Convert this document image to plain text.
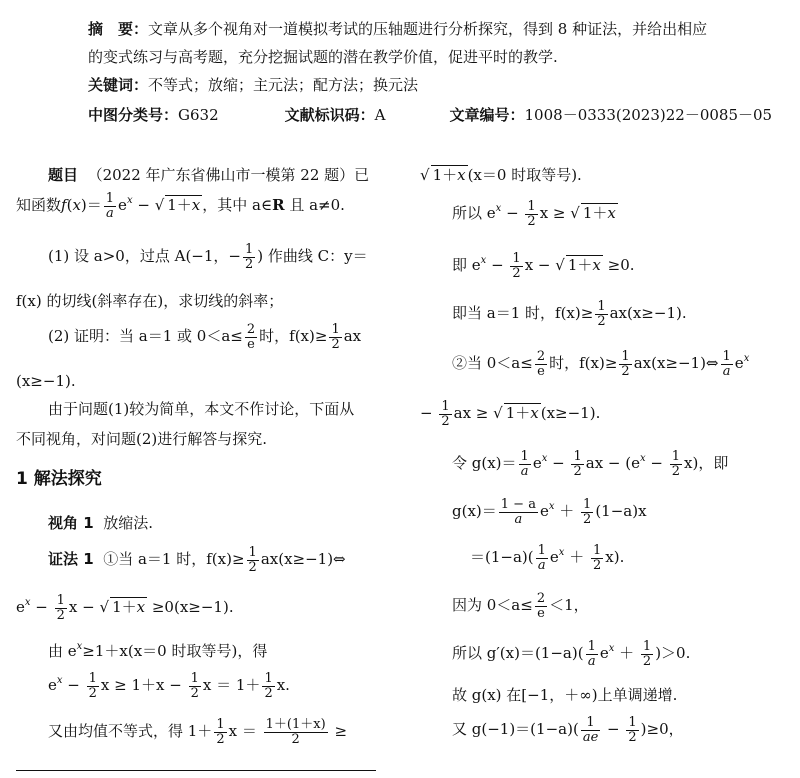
摘　要：文章从多个视角对一道模拟考试的压轴题进行分析探究，得到 8 种证法，并给出相应
的变式练习与高考题，充分挖掘试题的潜在教学价值，促进平时的教学.
关键词：不等式；放缩；主元法；配方法；换元法
中图分类号：G632	文献标识码：A	文章编号：1008－0333(2023)22－0085－05
题目 （2022 年广东省佛山市一模第 22 题）已
知函数$f(x)= \frac{1}{a} e^x$ − √ 1＋x ，其中 a∈R 且 a≠0.
(1) 设 a>0，过点 A(−1，− $\frac{1}{2}$ ) 作曲线 C：y＝
f(x) 的切线(斜率存在)，求切线的斜率；
(2) 证明：当 a＝1 或 $0<a\le \frac{2}{e}$ 时，$f(x)\ge \frac{1}{2}$ ax
(x≥−1).
由于问题(1)较为简单，本文不作讨论，下面从
不同视角，对问题(2)进行解答与探究.
1 解法探究
视角 1 放缩法.
证法 1 ①当 a＝1 时，$f(x)\ge \frac{1}{2}$ ax(x≥−1)⇔
$e^x - \frac{1}{2}$ x − √ 1＋x ≥0(x≥−1).
由 $e^x\ge 1+x(x=0$ 时取等号)，得
$e^x - \frac{1}{2}$ $x \ge 1+x - \frac{1}{2}$ $x = 1+ \frac{1}{2} x$.
又由均值不等式，得 $1+ \frac{1}{2}$ $x = \frac{1+(1+x)}{2}$ ≥
√ 1＋x (x＝0 时取等号).
所以 $e^x - \frac{1}{2}$ x ≥ √ 1＋x
即 $e^x - \frac{1}{2}$ x − √ 1＋x ≥0.
即当 a＝1 时，$f(x)\ge \frac{1}{2} ax(x\ge-1)$.
②当 $0<a\le \frac{2}{e}$ 时，$f(x)\ge \frac{1}{2}$ ax(x≥−1)⇔ $\frac{1}{a} e^x$
− $\frac{1}{2}$ ax ≥ √ 1＋x (x≥−1).
令 $g(x)= \frac{1}{a} e^x - \frac{1}{2}$ ax − $(e^x - \frac{1}{2} x)$，即
$g(x)= \frac{1 - a}{a} e^x + \frac{1}{2} (1-a)x$
$=(1-a)( \frac{1}{a} e^x + \frac{1}{2} x)$.
因为 $0<a\le \frac{2}{e} <1$，
所以 $g'(x)=(1-a)( \frac{1}{a} e^x + \frac{1}{2} )>0$.
故 g(x) 在[−1，＋∞)上单调递增.
又 $g(-1)=(1-a)( \frac{1}{ae} - \frac{1}{2} )\ge 0$，
